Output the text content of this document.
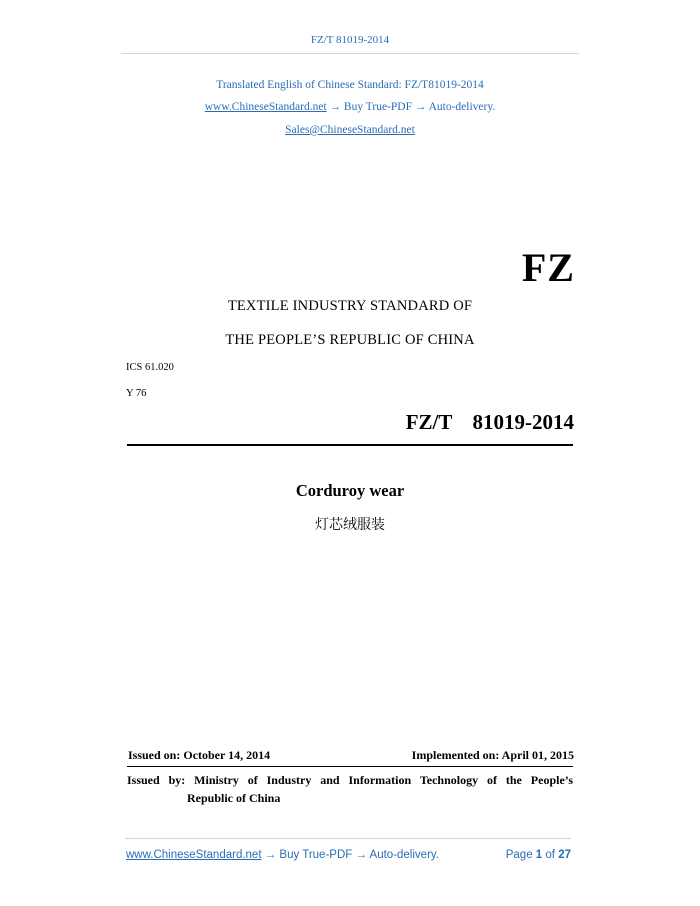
FZ/T 81019-2014
Translated English of Chinese Standard: FZ/T81019-2014
www.ChineseStandard.net → Buy True-PDF → Auto-delivery.
Sales@ChineseStandard.net
FZ
TEXTILE INDUSTRY STANDARD OF
THE PEOPLE’S REPUBLIC OF CHINA
ICS 61.020
Y 76
FZ/T  81019-2014
Corduroy wear
灯芯绒服装
Issued on: October 14, 2014	Implemented on: April 01, 2015
Issued by: Ministry of Industry and Information Technology of the People’s
Republic of China
www.ChineseStandard.net → Buy True-PDF → Auto-delivery.	Page 1 of 27
